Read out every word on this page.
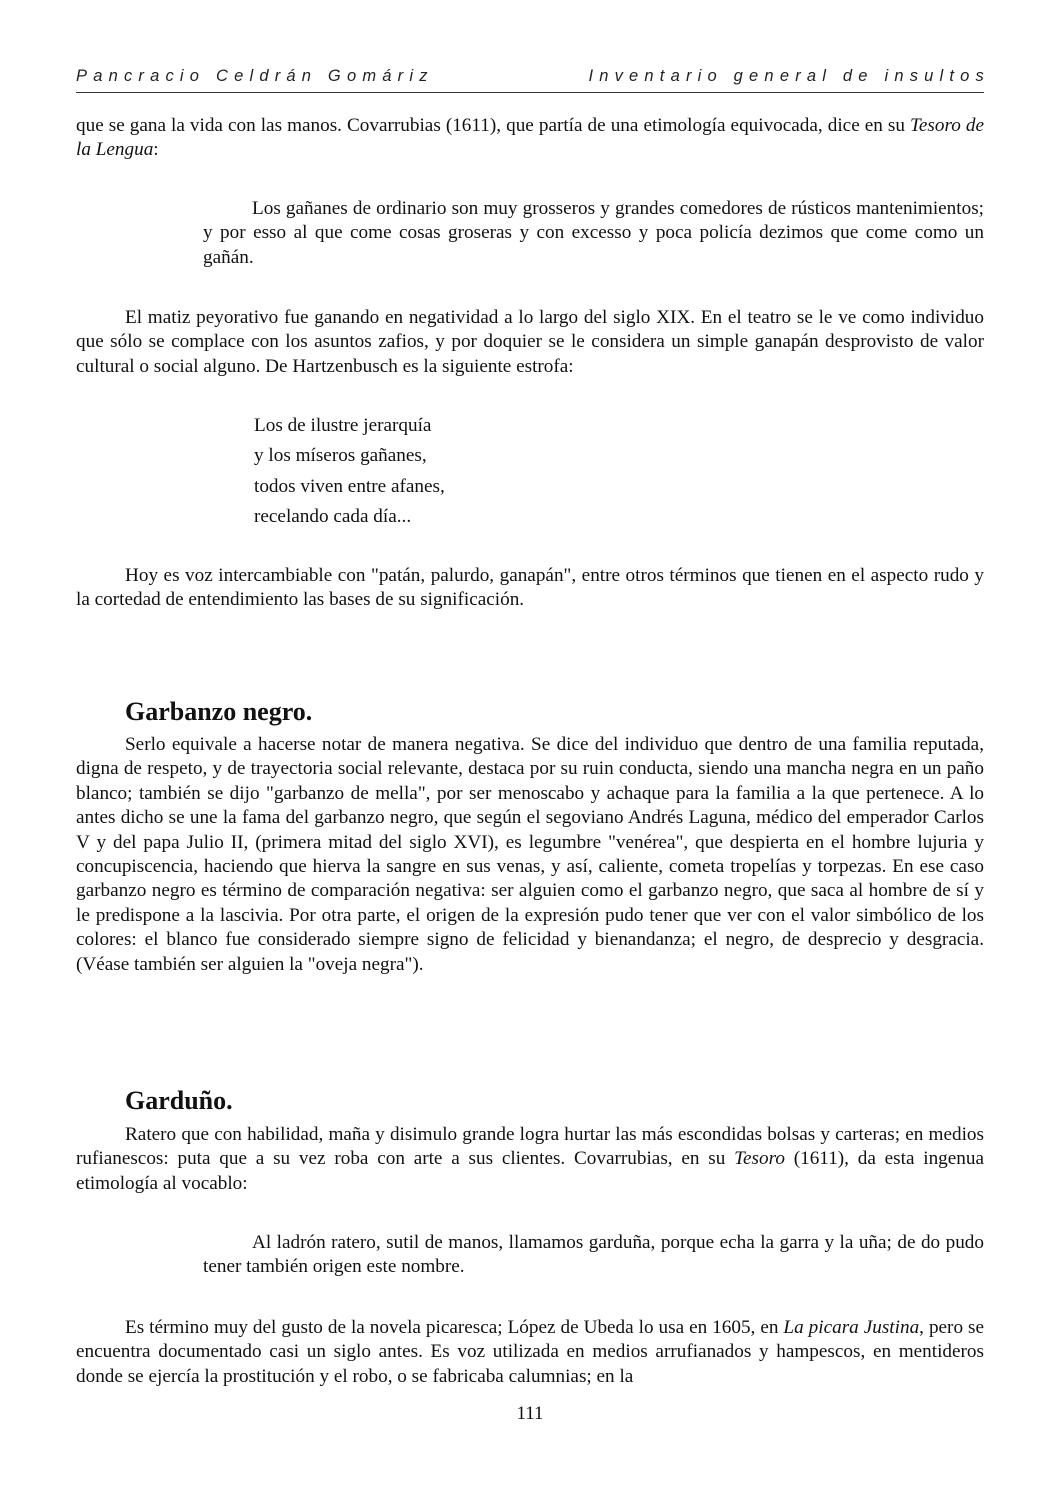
Pancracio Celdrán Gomáriz	Inventario general de insultos

que se gana la vida con las manos. Covarrubias (1611), que partía de una etimología equivocada, dice en su Tesoro de la Lengua:

Los gañanes de ordinario son muy grosseros y grandes comedores de rústicos mantenimientos; y por esso al que come cosas groseras y con excesso y poca policía dezimos que come como un gañán.

El matiz peyorativo fue ganando en negatividad a lo largo del siglo XIX. En el teatro se le ve como individuo que sólo se complace con los asuntos zafios, y por doquier se le considera un simple ganapán desprovisto de valor cultural o social alguno. De Hartzenbusch es la siguiente estrofa:

Los de ilustre jerarquía
y los míseros gañanes,
todos viven entre afanes,
recelando cada día...

Hoy es voz intercambiable con "patán, palurdo, ganapán", entre otros términos que tienen en el aspecto rudo y la cortedad de entendimiento las bases de su significación.

Garbanzo negro.

Serlo equivale a hacerse notar de manera negativa. Se dice del individuo que dentro de una familia reputada, digna de respeto, y de trayectoria social relevante, destaca por su ruin conducta, siendo una mancha negra en un paño blanco; también se dijo "garbanzo de mella", por ser menoscabo y achaque para la familia a la que pertenece. A lo antes dicho se une la fama del garbanzo negro, que según el segoviano Andrés Laguna, médico del emperador Carlos V y del papa Julio II, (primera mitad del siglo XVI), es legumbre "venérea", que despierta en el hombre lujuria y concupiscencia, haciendo que hierva la sangre en sus venas, y así, caliente, cometa tropelías y torpezas. En ese caso garbanzo negro es término de comparación negativa: ser alguien como el garbanzo negro, que saca al hombre de sí y le predispone a la lascivia. Por otra parte, el origen de la expresión pudo tener que ver con el valor simbólico de los colores: el blanco fue considerado siempre signo de felicidad y bienandanza; el negro, de desprecio y desgracia. (Véase también ser alguien la "oveja negra").

Garduño.

Ratero que con habilidad, maña y disimulo grande logra hurtar las más escondidas bolsas y carteras; en medios rufianescos: puta que a su vez roba con arte a sus clientes. Covarrubias, en su Tesoro (1611), da esta ingenua etimología al vocablo:

Al ladrón ratero, sutil de manos, llamamos garduña, porque echa la garra y la uña; de do pudo tener también origen este nombre.

Es término muy del gusto de la novela picaresca; López de Ubeda lo usa en 1605, en La picara Justina, pero se encuentra documentado casi un siglo antes. Es voz utilizada en medios arrufianados y hampescos, en mentideros donde se ejercía la prostitución y el robo, o se fabricaba calumnias; en la

111
